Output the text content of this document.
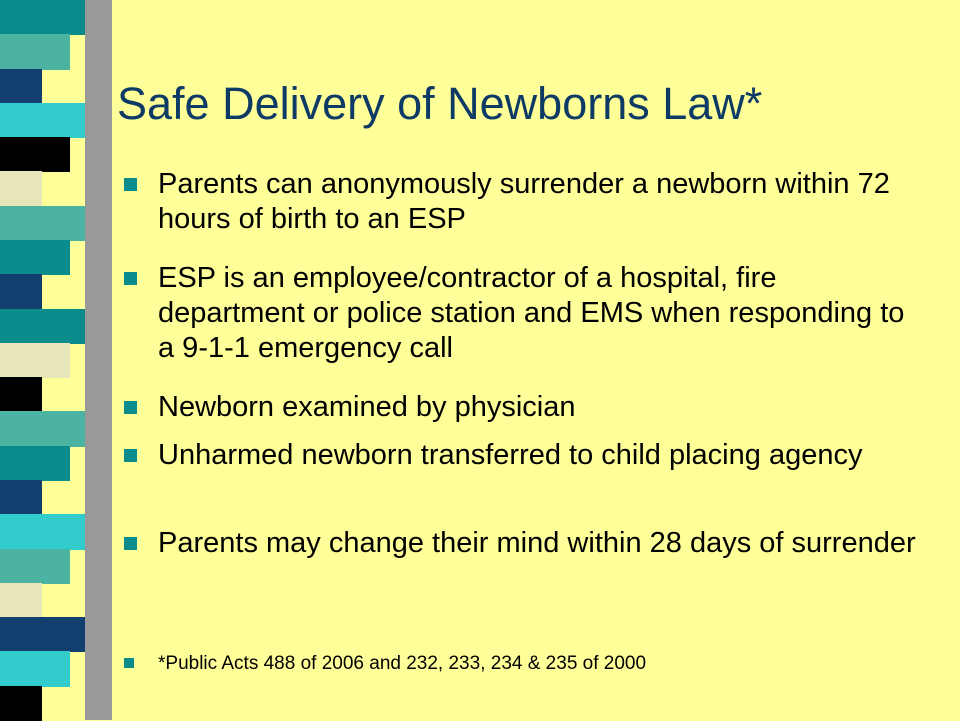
Safe Delivery of Newborns Law*

Parents can anonymously surrender a newborn within 72 hours of birth to an ESP

ESP is an employee/contractor of a hospital, fire department or police station and EMS when responding to a 9-1-1 emergency call

Newborn examined by physician

Unharmed newborn transferred to child placing agency

Parents may change their mind within 28 days of surrender

*Public Acts 488 of 2006 and 232, 233, 234 & 235 of 2000
